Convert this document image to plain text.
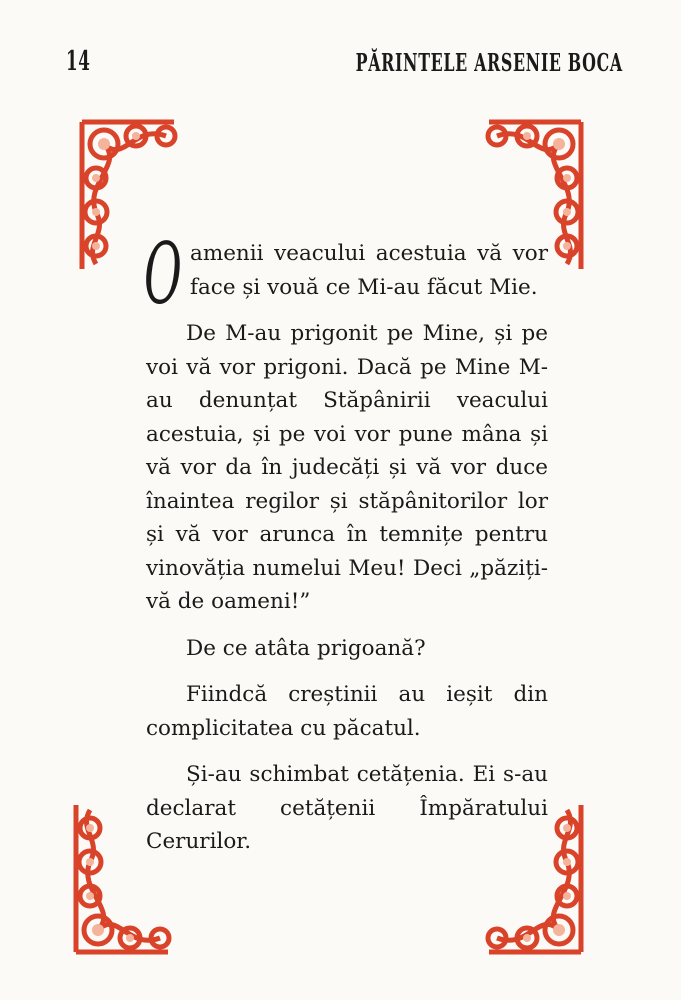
14	PĂRINTELE ARSENIE BOCA

Oamenii veacului acestuia vă vor face și vouă ce Mi-au făcut Mie.

De M-au prigonit pe Mine, și pe voi vă vor prigoni. Dacă pe Mine M-au denunțat Stăpânirii veacului acestuia, și pe voi vor pune mâna și vă vor da în judecăți și vă vor duce înaintea regilor și stăpânitorilor lor și vă vor arunca în temnițe pentru vinovăția numelui Meu! Deci „păziți-vă de oameni!”

De ce atâta prigoană?

Fiindcă creștinii au ieșit din complicitatea cu păcatul.

Și-au schimbat cetățenia. Ei s-au declarat cetățenii Împăratului Cerurilor.
